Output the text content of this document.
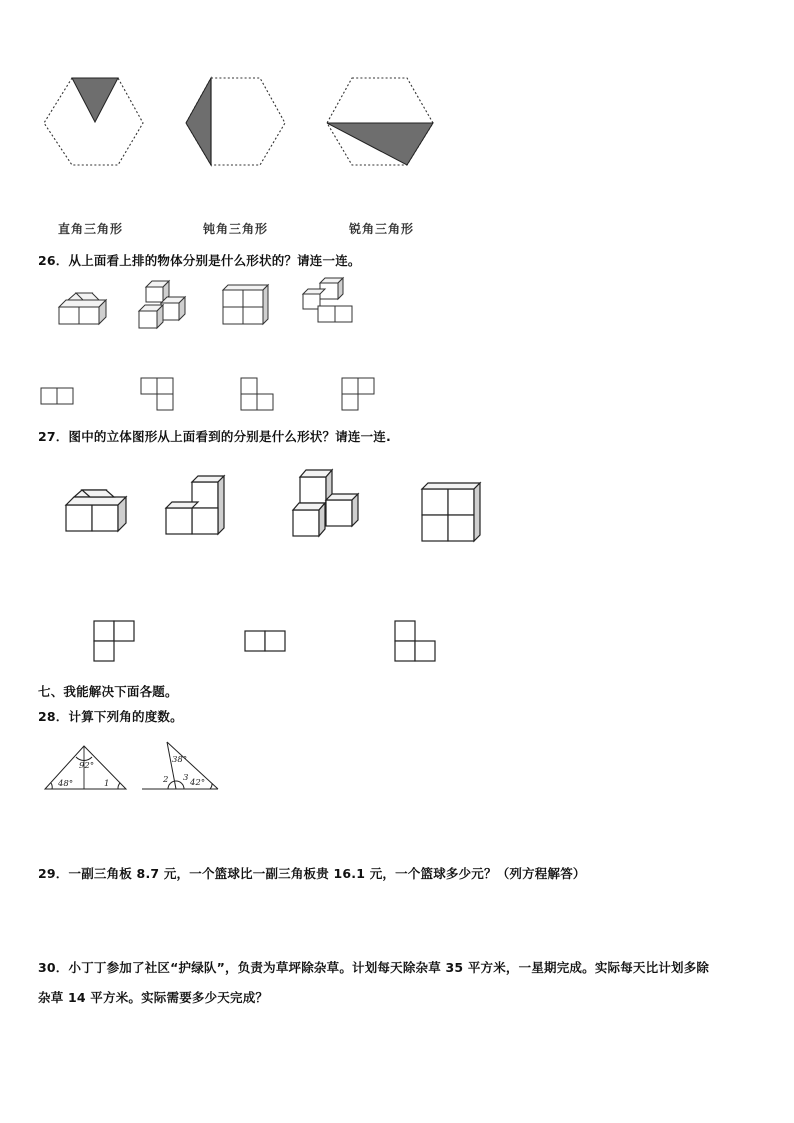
直角三角形	钝角三角形	锐角三角形
26．从上面看上排的物体分别是什么形状的？请连一连。
27．图中的立体图形从上面看到的分别是什么形状？请连一连.
七、我能解决下面各题。
28．计算下列角的度数。
92°
48°	1
38°
2 3 42°
29．一副三角板 8.7 元，一个篮球比一副三角板贵 16.1 元，一个篮球多少元？（列方程解答）
30．小丁丁参加了社区“护绿队”，负责为草坪除杂草。计划每天除杂草 35 平方米，一星期完成。实际每天比计划多除
杂草 14 平方米。实际需要多少天完成？
